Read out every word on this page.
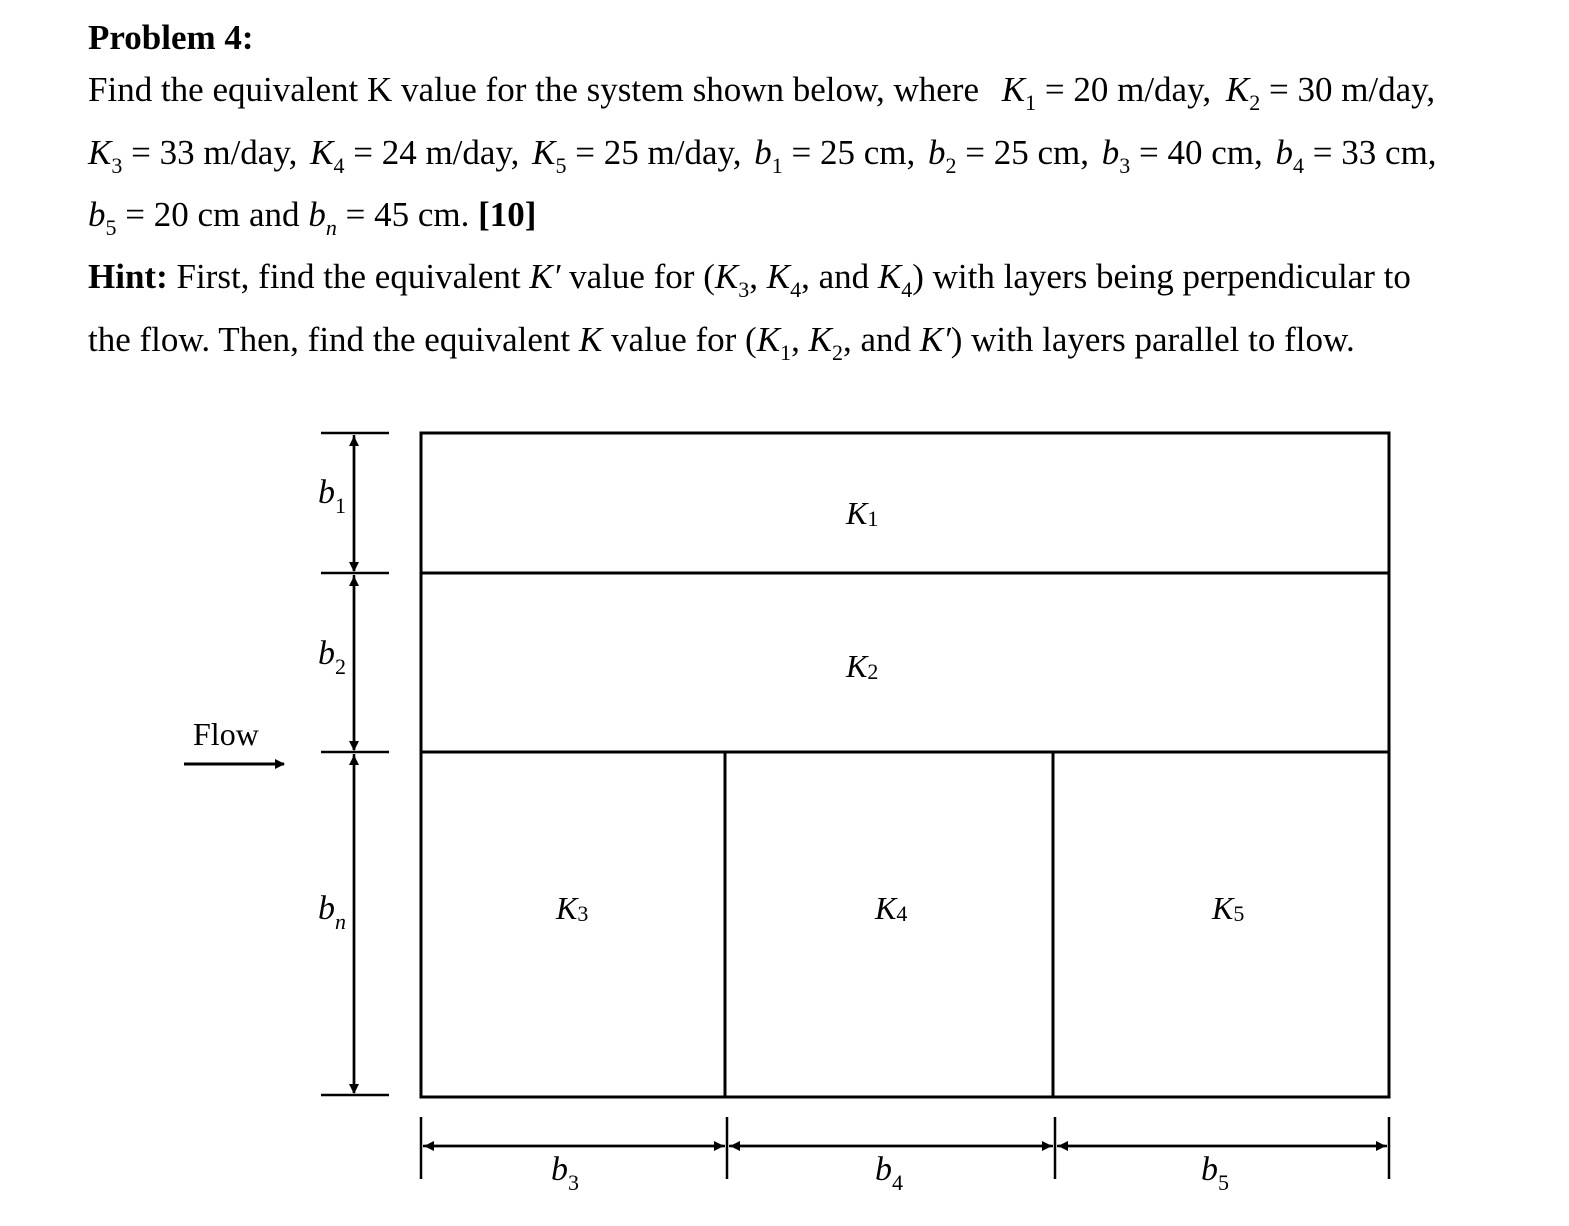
Problem 4:
Find the equivalent K value for the system shown below, where $K_1 = 20$ m/day, $K_2 = 30$ m/day,
$K_3 = 33$ m/day, $K_4 = 24$ m/day, $K_5 = 25$ m/day, $b_1 = 25$ cm, $b_2 = 25$ cm, $b_3 = 40$ cm, $b_4 = 33$ cm,
$b_5 = 20$ cm and $b_n = 45$ cm. [10]
Hint: First, find the equivalent K′ value for ($K_3$, $K_4$, and $K_4$) with layers being perpendicular to
the flow. Then, find the equivalent K value for ($K_1$, $K_2$, and K′) with layers parallel to flow.
K1
K2
K3	K4	K5
$b_1$
$b_2$
$b_n$
$b_3$	$b_4$	$b_5$
Flow
